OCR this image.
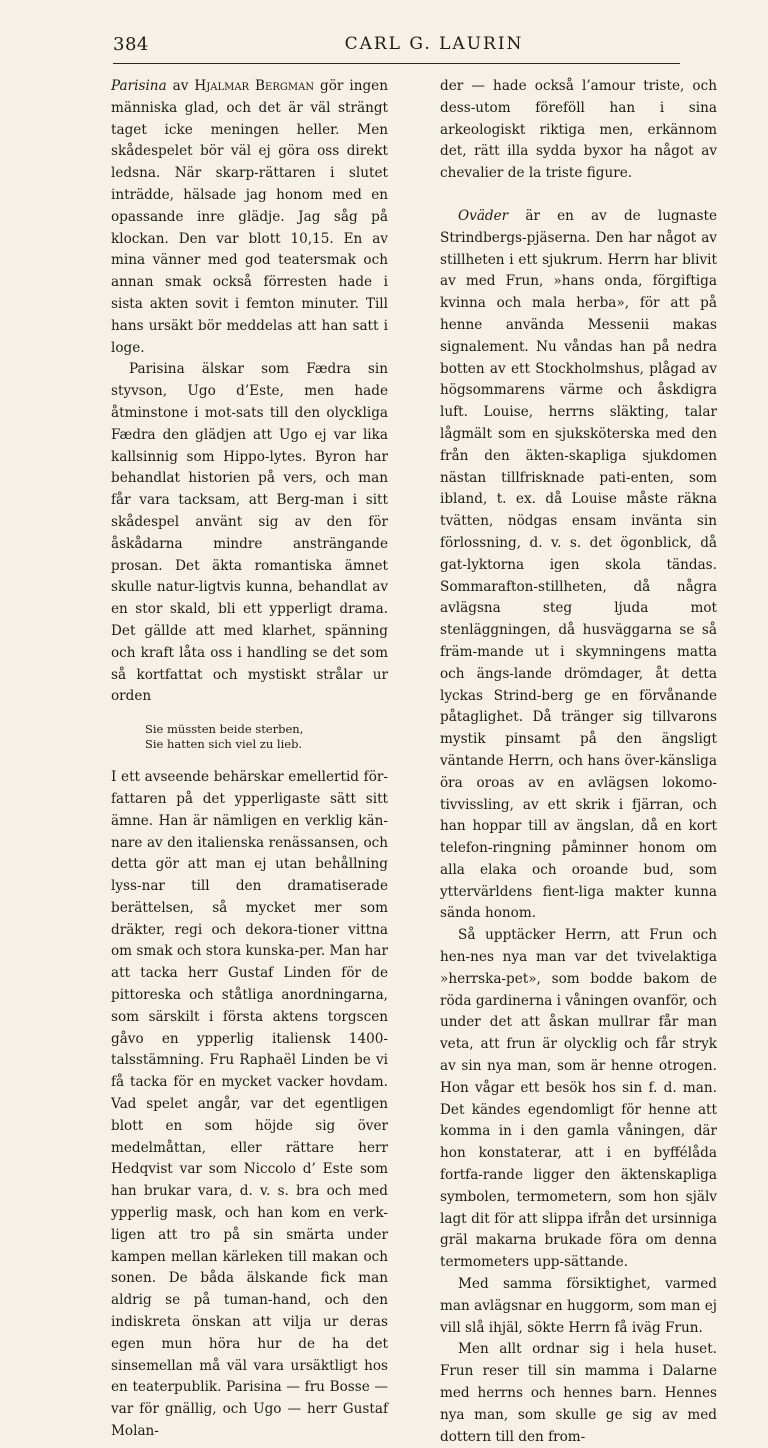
384	CARL G. LAURIN

Parisina av Hjalmar Bergman gör ingen människa glad, och det är väl strängt taget icke meningen heller. Men skådespelet bör väl ej göra oss direkt ledsna. När skarp-rättaren i slutet inträdde, hälsade jag honom med en opassande inre glädje. Jag såg på klockan. Den var blott 10,15. En av mina vänner med god teatersmak och annan smak också förresten hade i sista akten sovit i femton minuter. Till hans ursäkt bör meddelas att han satt i loge.

Parisina älskar som Fædra sin styvson, Ugo d’Este, men hade åtminstone i mot-sats till den olyckliga Fædra den glädjen att Ugo ej var lika kallsinnig som Hippo-lytes. Byron har behandlat historien på vers, och man får vara tacksam, att Berg-man i sitt skådespel använt sig av den för åskådarna mindre ansträngande prosan. Det äkta romantiska ämnet skulle natur-ligtvis kunna, behandlat av en stor skald, bli ett ypperligt drama. Det gällde att med klarhet, spänning och kraft låta oss i handling se det som så kortfattat och mystiskt strålar ur orden

Sie müssten beide sterben,
Sie hatten sich viel zu lieb.

I ett avseende behärskar emellertid för-fattaren på det ypperligaste sätt sitt ämne. Han är nämligen en verklig kän-nare av den italienska renässansen, och detta gör att man ej utan behållning lyss-nar till den dramatiserade berättelsen, så mycket mer som dräkter, regi och dekora-tioner vittna om smak och stora kunska-per. Man har att tacka herr Gustaf Linden för de pittoreska och ståtliga anordningarna, som särskilt i första aktens torgscen gåvo en ypperlig italiensk 1400-talsstämning. Fru Raphaël Linden be vi få tacka för en mycket vacker hovdam. Vad spelet angår, var det egentligen blott en som höjde sig över medelmåttan, eller rättare herr Hedqvist var som Niccolo d’ Este som han brukar vara, d. v. s. bra och med ypperlig mask, och han kom en verk-ligen att tro på sin smärta under kampen mellan kärleken till makan och sonen. De båda älskande fick man aldrig se på tuman-hand, och den indiskreta önskan att vilja ur deras egen mun höra hur de ha det sinsemellan må väl vara ursäktligt hos en teaterpublik. Parisina — fru Bosse — var för gnällig, och Ugo — herr Gustaf Molan-

der — hade också l’amour triste, och dess-utom föreföll han i sina arkeologiskt riktiga men, erkännom det, rätt illa sydda byxor ha något av chevalier de la triste figure.

Oväder är en av de lugnaste Strindbergs-pjäserna. Den har något av stillheten i ett sjukrum. Herrn har blivit av med Frun, »hans onda, förgiftiga kvinna och mala herba», för att på henne använda Messenii makas signalement. Nu våndas han på nedra botten av ett Stockholmshus, plågad av högsommarens värme och åskdigra luft. Louise, herrns släkting, talar lågmält som en sjuksköterska med den från den äkten-skapliga sjukdomen nästan tillfrisknade pati-enten, som ibland, t. ex. då Louise måste räkna tvätten, nödgas ensam invänta sin förlossning, d. v. s. det ögonblick, då gat-lyktorna igen skola tändas. Sommarafton-stillheten, då några avlägsna steg ljuda mot stenläggningen, då husväggarna se så främ-mande ut i skymningens matta och ängs-lande drömdager, åt detta lyckas Strind-berg ge en förvånande påtaglighet. Då tränger sig tillvarons mystik pinsamt på den ängsligt väntande Herrn, och hans över-känsliga öra oroas av en avlägsen lokomo-tivvissling, av ett skrik i fjärran, och han hoppar till av ängslan, då en kort telefon-ringning påminner honom om alla elaka och oroande bud, som yttervärldens fient-liga makter kunna sända honom.

Så upptäcker Herrn, att Frun och hen-nes nya man var det tvivelaktiga »herrska-pet», som bodde bakom de röda gardinerna i våningen ovanför, och under det att åskan mullrar får man veta, att frun är olycklig och får stryk av sin nya man, som är henne otrogen. Hon vågar ett besök hos sin f. d. man. Det kändes egendomligt för henne att komma in i den gamla våningen, där hon konstaterar, att i en byffélåda fortfa-rande ligger den äktenskapliga symbolen, termometern, som hon själv lagt dit för att slippa ifrån det ursinniga gräl makarna brukade föra om denna termometers upp-sättande.

Med samma försiktighet, varmed man avlägsnar en huggorm, som man ej vill slå ihjäl, sökte Herrn få iväg Frun.

Men allt ordnar sig i hela huset. Frun reser till sin mamma i Dalarne med herrns och hennes barn. Hennes nya man, som skulle ge sig av med dottern till den from-
